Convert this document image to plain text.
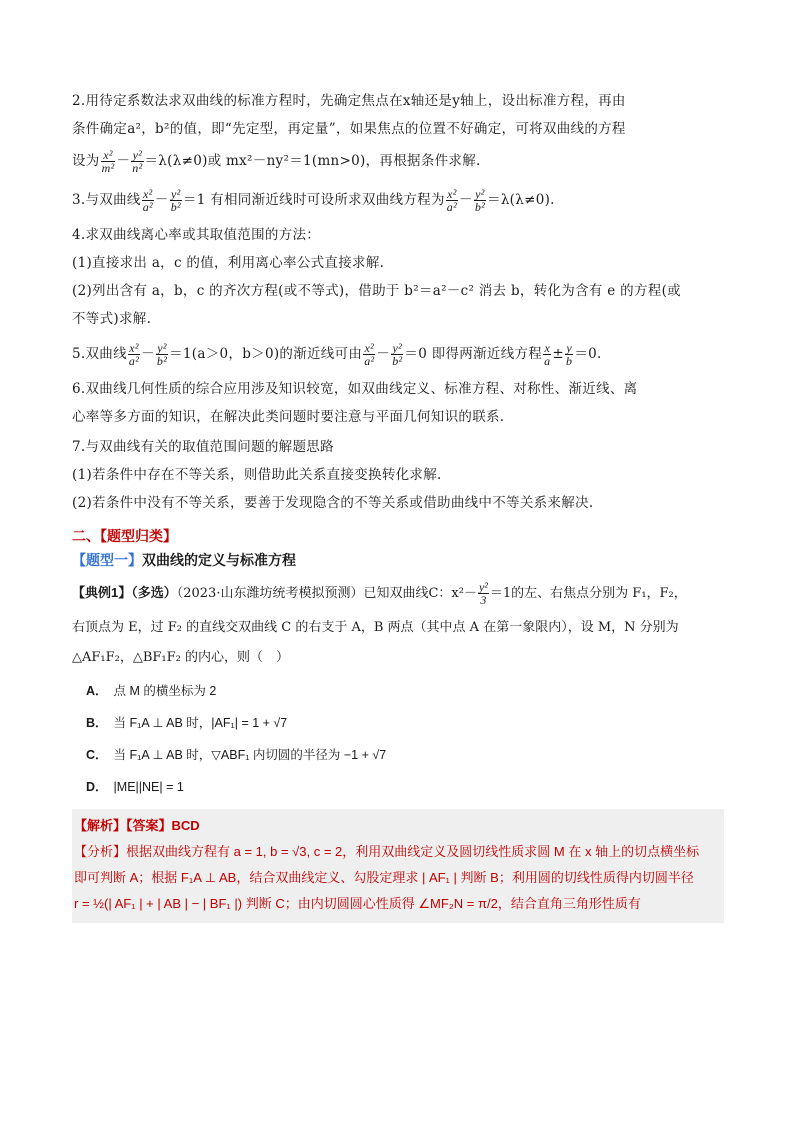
2.用待定系数法求双曲线的标准方程时，先确定焦点在x轴还是y轴上，设出标准方程，再由

条件确定a²，b²的值，即“先定型，再定量”，如果焦点的位置不好确定，可将双曲线的方程

设为 $\frac{\text{x²}}{\text{m²}} - \frac{\text{y²}}{\text{n²}} =\lambda(\lambda\ne 0)$或 mx²－ny²＝1(mn>0)，再根据条件求解.

3.与双曲线 $\frac{\text{x²}}{\text{a²}} - \frac{\text{y²}}{\text{b²}} =1$ 有相同渐近线时可设所求双曲线方程为 $\frac{\text{x²}}{\text{a²}} - \frac{\text{y²}}{\text{b²}} =\lambda(\lambda\ne 0)$.

4.求双曲线离心率或其取值范围的方法：

(1)直接求出 a，c 的值，利用离心率公式直接求解.

(2)列出含有 a，b，c 的齐次方程(或不等式)，借助于 b²＝a²－c² 消去 b，转化为含有 e 的方程(或

不等式)求解.

5.双曲线 $\frac{\text{x²}}{\text{a²}} - \frac{\text{y²}}{\text{b²}} =1(a>0$，b＞0)的渐近线可由 $\frac{\text{x²}}{\text{a²}} - \frac{\text{y²}}{\text{b²}} =0$ 即得两渐近线方程 $\frac{x}{a} \pm \frac{y}{b} =0$.

6.双曲线几何性质的综合应用涉及知识较宽，如双曲线定义、标准方程、对称性、渐近线、离

心率等多方面的知识，在解决此类问题时要注意与平面几何知识的联系.

7.与双曲线有关的取值范围问题的解题思路

(1)若条件中存在不等关系，则借助此关系直接变换转化求解.

(2)若条件中没有不等关系，要善于发现隐含的不等关系或借助曲线中不等关系来解决.

二、【题型归类】
【题型一】双曲线的定义与标准方程

【典例1】（多选）（2023·山东潍坊统考模拟预测）已知双曲线C：$x^2- \frac{\text{y²}}{3} =1$的左、右焦点分别为 F₁，F₂，

右顶点为 E，过 F₂ 的直线交双曲线 C 的右支于 A，B 两点（其中点 A 在第一象限内），设 M，N 分别为

△AF₁F₂，△BF₁F₂ 的内心，则（　）

A． 点 M 的横坐标为 2
B． 当 F₁A ⊥ AB 时，|AF₁| = 1 + √7
C． 当 F₁A ⊥ AB 时，▽ABF₁ 内切圆的半径为 −1 + √7
D． |ME||NE| = 1
【解析】【答案】BCD
【分析】根据双曲线方程有 a = 1, b = √3, c = 2，利用双曲线定义及圆切线性质求圆 M 在 x 轴上的切点横坐标
即可判断 A；根据 F₁A ⊥ AB，结合双曲线定义、勾股定理求 | AF₁ | 判断 B；利用圆的切线性质得内切圆半径
r = ½(| AF₁ | + | AB | − | BF₁ |) 判断 C；由内切圆圆心性质得 ∠MF₂N = π/2，结合直角三角形性质有
